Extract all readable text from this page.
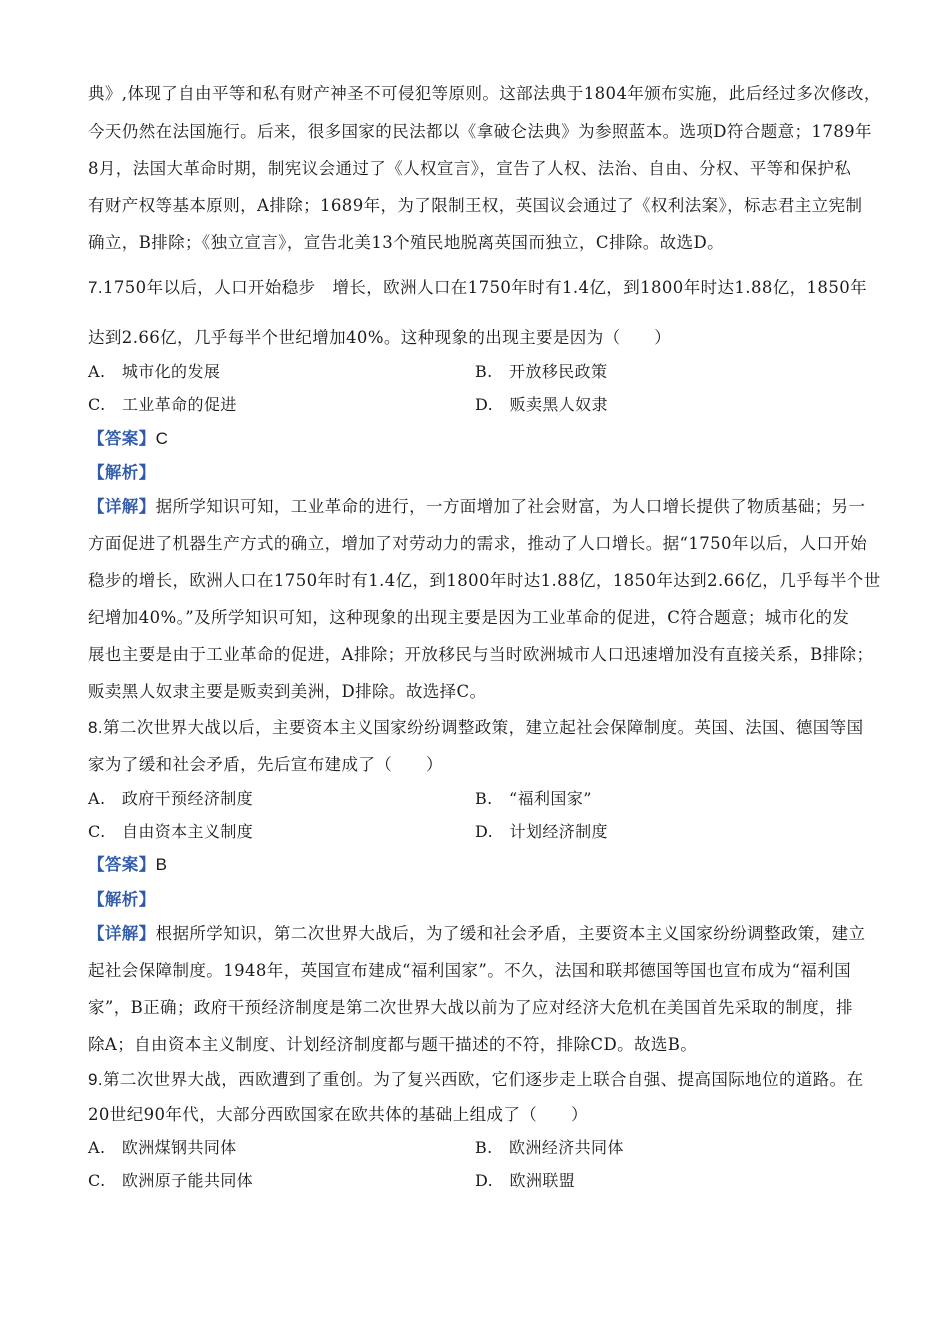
典》,体现了自由平等和私有财产神圣不可侵犯等原则。这部法典于1804年颁布实施，此后经过多次修改，
今天仍然在法国施行。后来，很多国家的民法都以《拿破仑法典》为参照蓝本。选项D符合题意；1789年
8月，法国大革命时期，制宪议会通过了《人权宣言》，宣告了人权、法治、自由、分权、平等和保护私
有财产权等基本原则，A排除；1689年，为了限制王权，英国议会通过了《权利法案》，标志君主立宪制
确立，B排除；《独立宣言》，宣告北美13个殖民地脱离英国而独立，C排除。故选D。
7.1750年以后，人口开始稳步　增长，欧洲人口在1750年时有1.4亿，到1800年时达1.88亿，1850年
达到2.66亿，几乎每半个世纪增加40%。这种现象的出现主要是因为（　　）
A.　城市化的发展	B.　开放移民政策
C.　工业革命的促进	D.　贩卖黑人奴隶
【答案】C
【解析】
【详解】据所学知识可知，工业革命的进行，一方面增加了社会财富，为人口增长提供了物质基础；另一
方面促进了机器生产方式的确立，增加了对劳动力的需求，推动了人口增长。据“1750年以后，人口开始
稳步的增长，欧洲人口在1750年时有1.4亿，到1800年时达1.88亿，1850年达到2.66亿，几乎每半个世
纪增加40%。”及所学知识可知，这种现象的出现主要是因为工业革命的促进，C符合题意；城市化的发
展也主要是由于工业革命的促进，A排除；开放移民与当时欧洲城市人口迅速增加没有直接关系，B排除；
贩卖黑人奴隶主要是贩卖到美洲，D排除。故选择C。
8.第二次世界大战以后，主要资本主义国家纷纷调整政策，建立起社会保障制度。英国、法国、德国等国
家为了缓和社会矛盾，先后宣布建成了（　　）
A.　政府干预经济制度	B.　“福利国家”
C.　自由资本主义制度	D.　计划经济制度
【答案】B
【解析】
【详解】根据所学知识，第二次世界大战后，为了缓和社会矛盾，主要资本主义国家纷纷调整政策，建立
起社会保障制度。1948年，英国宣布建成“福利国家”。不久，法国和联邦德国等国也宣布成为“福利国
家”，B正确；政府干预经济制度是第二次世界大战以前为了应对经济大危机在美国首先采取的制度，排
除A；自由资本主义制度、计划经济制度都与题干描述的不符，排除CD。故选B。
9.第二次世界大战，西欧遭到了重创。为了复兴西欧，它们逐步走上联合自强、提高国际地位的道路。在
20世纪90年代，大部分西欧国家在欧共体的基础上组成了（　　）
A.　欧洲煤钢共同体	B.　欧洲经济共同体
C.　欧洲原子能共同体	D.　欧洲联盟
